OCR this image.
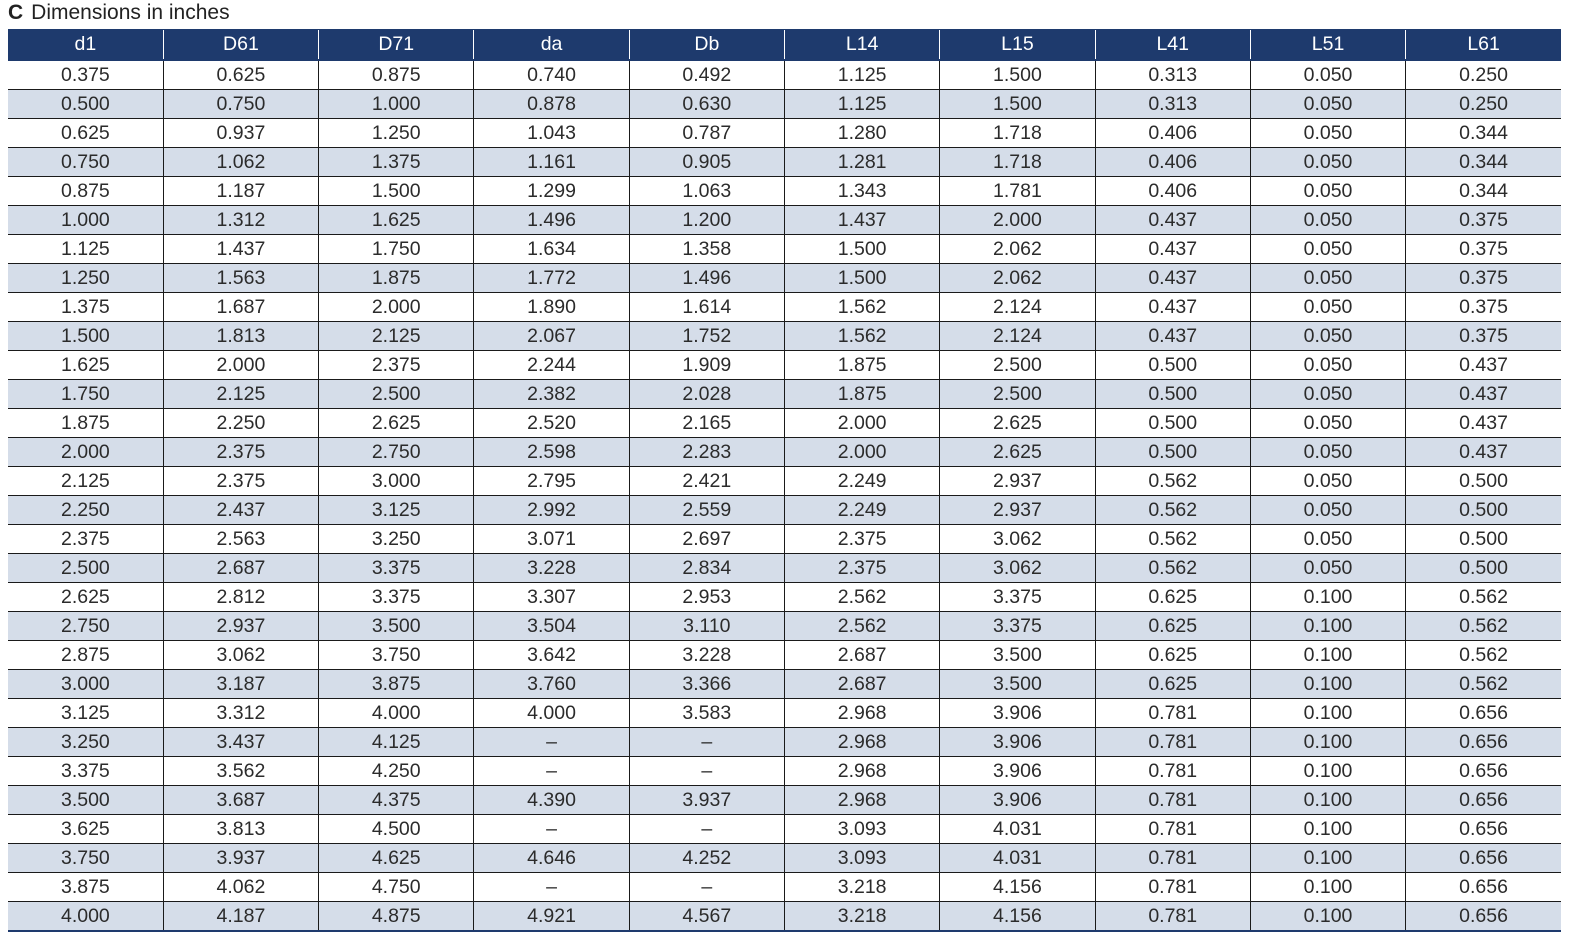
C Dimensions in inches
d1	D61	D71	da	Db	L14	L15	L41	L51	L61
0.375	0.625	0.875	0.740	0.492	1.125	1.500	0.313	0.050	0.250
0.500	0.750	1.000	0.878	0.630	1.125	1.500	0.313	0.050	0.250
0.625	0.937	1.250	1.043	0.787	1.280	1.718	0.406	0.050	0.344
0.750	1.062	1.375	1.161	0.905	1.281	1.718	0.406	0.050	0.344
0.875	1.187	1.500	1.299	1.063	1.343	1.781	0.406	0.050	0.344
1.000	1.312	1.625	1.496	1.200	1.437	2.000	0.437	0.050	0.375
1.125	1.437	1.750	1.634	1.358	1.500	2.062	0.437	0.050	0.375
1.250	1.563	1.875	1.772	1.496	1.500	2.062	0.437	0.050	0.375
1.375	1.687	2.000	1.890	1.614	1.562	2.124	0.437	0.050	0.375
1.500	1.813	2.125	2.067	1.752	1.562	2.124	0.437	0.050	0.375
1.625	2.000	2.375	2.244	1.909	1.875	2.500	0.500	0.050	0.437
1.750	2.125	2.500	2.382	2.028	1.875	2.500	0.500	0.050	0.437
1.875	2.250	2.625	2.520	2.165	2.000	2.625	0.500	0.050	0.437
2.000	2.375	2.750	2.598	2.283	2.000	2.625	0.500	0.050	0.437
2.125	2.375	3.000	2.795	2.421	2.249	2.937	0.562	0.050	0.500
2.250	2.437	3.125	2.992	2.559	2.249	2.937	0.562	0.050	0.500
2.375	2.563	3.250	3.071	2.697	2.375	3.062	0.562	0.050	0.500
2.500	2.687	3.375	3.228	2.834	2.375	3.062	0.562	0.050	0.500
2.625	2.812	3.375	3.307	2.953	2.562	3.375	0.625	0.100	0.562
2.750	2.937	3.500	3.504	3.110	2.562	3.375	0.625	0.100	0.562
2.875	3.062	3.750	3.642	3.228	2.687	3.500	0.625	0.100	0.562
3.000	3.187	3.875	3.760	3.366	2.687	3.500	0.625	0.100	0.562
3.125	3.312	4.000	4.000	3.583	2.968	3.906	0.781	0.100	0.656
3.250	3.437	4.125	–	–	2.968	3.906	0.781	0.100	0.656
3.375	3.562	4.250	–	–	2.968	3.906	0.781	0.100	0.656
3.500	3.687	4.375	4.390	3.937	2.968	3.906	0.781	0.100	0.656
3.625	3.813	4.500	–	–	3.093	4.031	0.781	0.100	0.656
3.750	3.937	4.625	4.646	4.252	3.093	4.031	0.781	0.100	0.656
3.875	4.062	4.750	–	–	3.218	4.156	0.781	0.100	0.656
4.000	4.187	4.875	4.921	4.567	3.218	4.156	0.781	0.100	0.656
